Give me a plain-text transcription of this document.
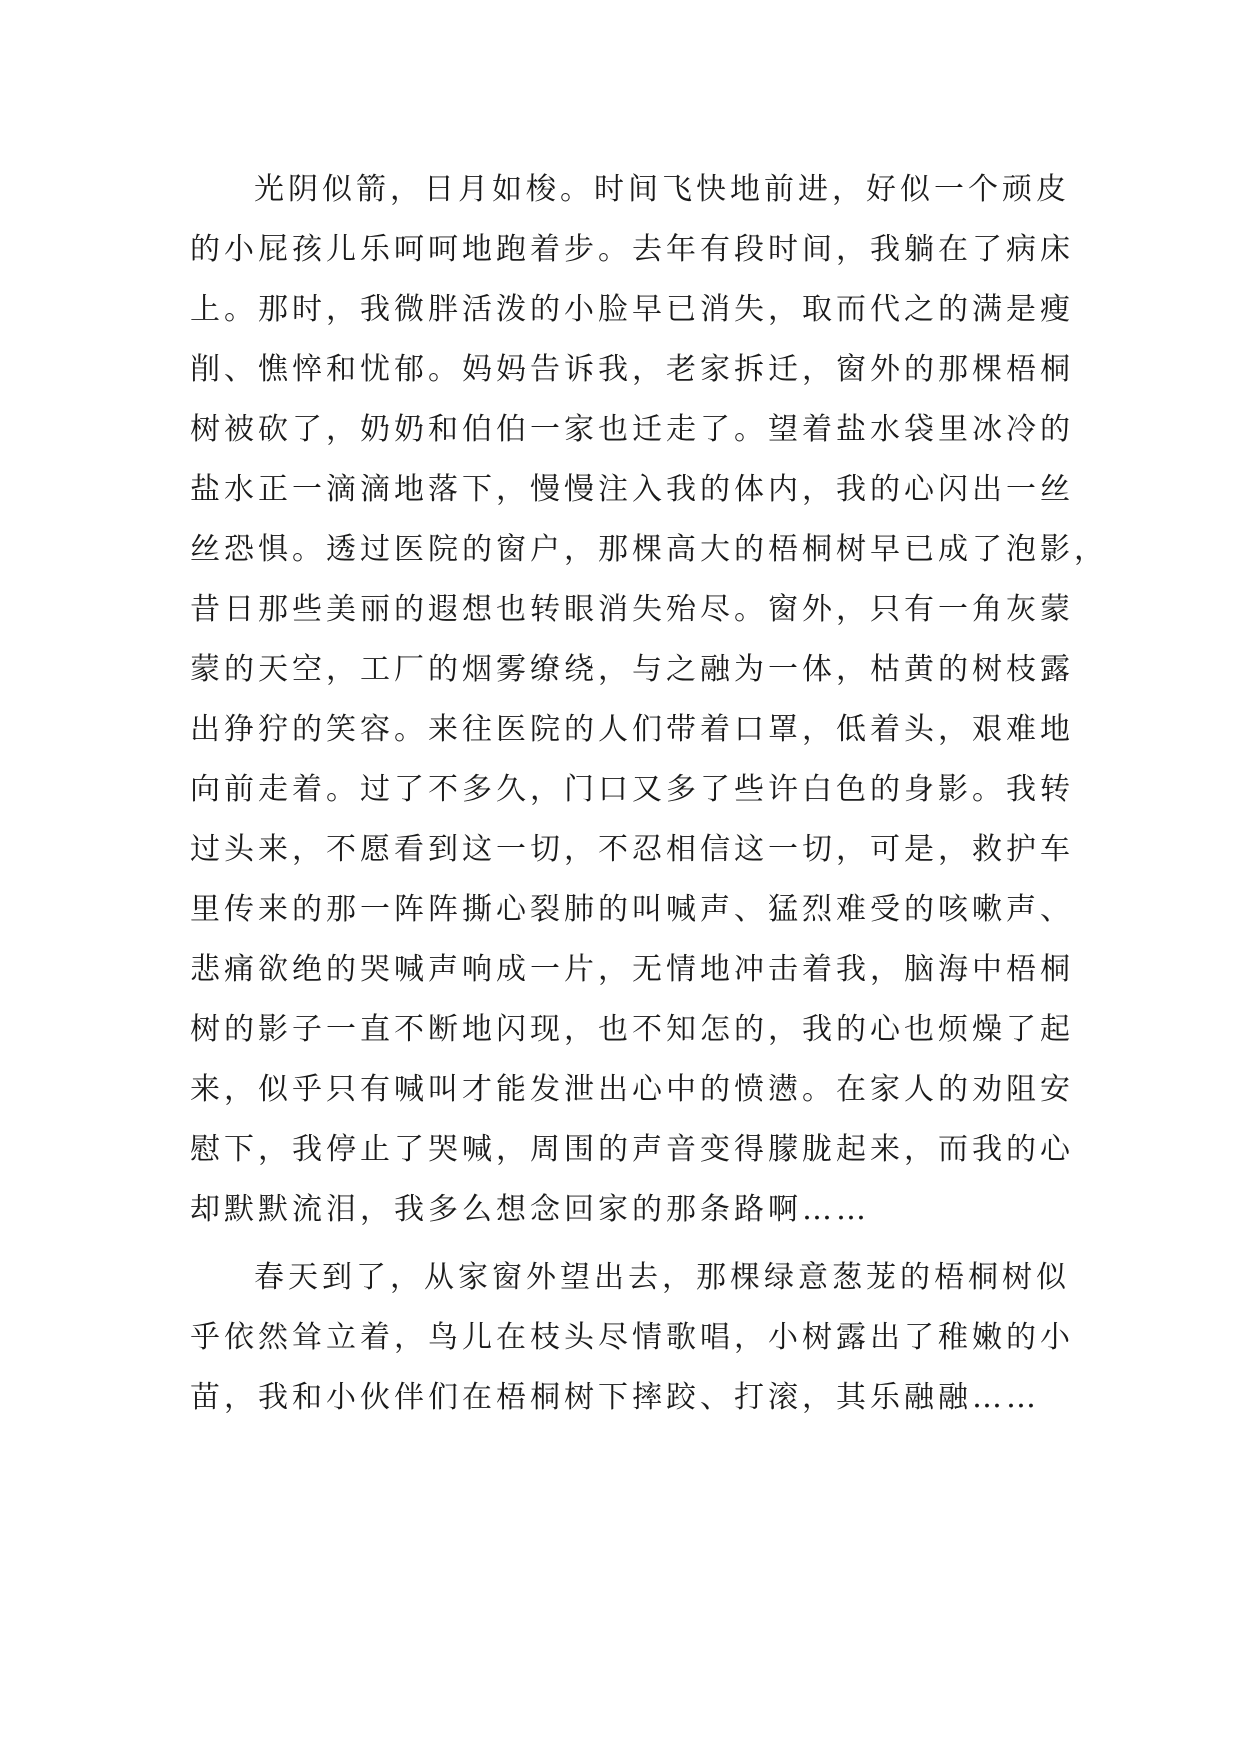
光阴似箭，日月如梭。时间飞快地前进，好似一个顽皮
的小屁孩儿乐呵呵地跑着步。去年有段时间，我躺在了病床
上。那时，我微胖活泼的小脸早已消失，取而代之的满是瘦
削、憔悴和忧郁。妈妈告诉我，老家拆迁，窗外的那棵梧桐
树被砍了，奶奶和伯伯一家也迁走了。望着盐水袋里冰冷的
盐水正一滴滴地落下，慢慢注入我的体内，我的心闪出一丝
丝恐惧。透过医院的窗户，那棵高大的梧桐树早已成了泡影，
昔日那些美丽的遐想也转眼消失殆尽。窗外，只有一角灰蒙
蒙的天空，工厂的烟雾缭绕，与之融为一体，枯黄的树枝露
出狰狞的笑容。来往医院的人们带着口罩，低着头，艰难地
向前走着。过了不多久，门口又多了些许白色的身影。我转
过头来，不愿看到这一切，不忍相信这一切，可是，救护车
里传来的那一阵阵撕心裂肺的叫喊声、猛烈难受的咳嗽声、
悲痛欲绝的哭喊声响成一片，无情地冲击着我，脑海中梧桐
树的影子一直不断地闪现，也不知怎的，我的心也烦燥了起
来，似乎只有喊叫才能发泄出心中的愤懑。在家人的劝阻安
慰下，我停止了哭喊，周围的声音变得朦胧起来，而我的心
却默默流泪，我多么想念回家的那条路啊……
春天到了，从家窗外望出去，那棵绿意葱茏的梧桐树似
乎依然耸立着，鸟儿在枝头尽情歌唱，小树露出了稚嫩的小
苗，我和小伙伴们在梧桐树下摔跤、打滚，其乐融融……
